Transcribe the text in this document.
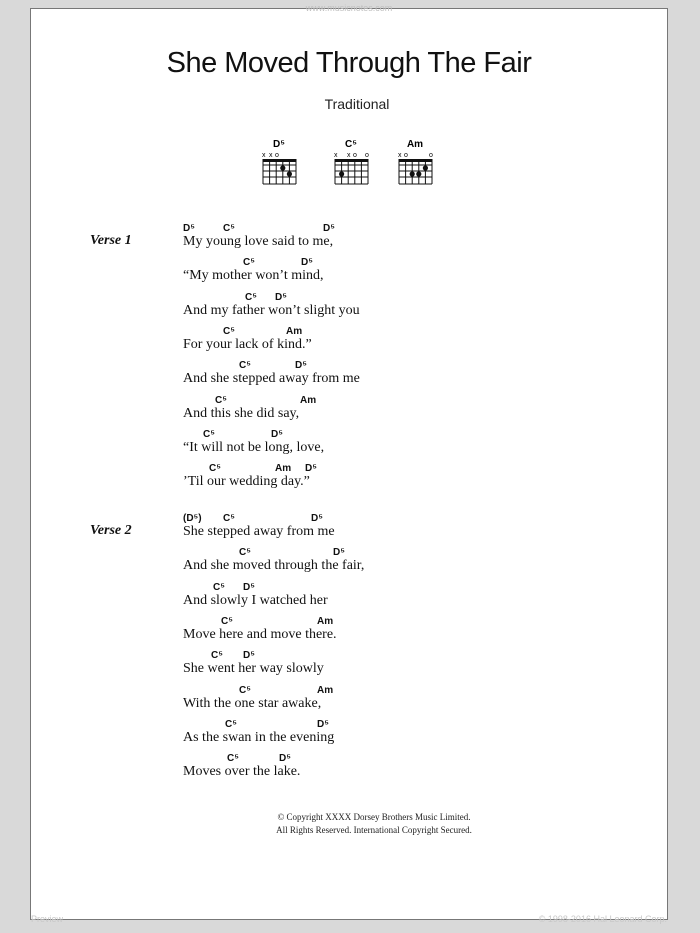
www.musicnotes.com
She Moved Through The Fair
Traditional
D⁵
x x o
C⁵
x x o o
Am
x o	o
Verse 1
D⁵	C⁵	D⁵
My young love said to me,
C⁵	D⁵
“My mother won’t mind,
C⁵ D⁵
And my father won’t slight you
C⁵	Am
For your lack of kind.”
C⁵	D⁵
And she stepped away from me
C⁵	Am
And this she did say,
C⁵	D⁵
“It will not be long, love,
C⁵	Am D⁵
’Til our wedding day.”
Verse 2
(D⁵) C⁵	D⁵
She stepped away from me
C⁵	D⁵
And she moved through the fair,
C⁵ D⁵
And slowly I watched her
C⁵	Am
Move here and move there.
C⁵ D⁵
She went her way slowly
C⁵	Am
With the one star awake,
C⁵	D⁵
As the swan in the evening
C⁵	D⁵
Moves over the lake.
© Copyright XXXX Dorsey Brothers Music Limited.
All Rights Reserved. International Copyright Secured.
Preview	© 1998-2016 Hal Leonard Corp.
